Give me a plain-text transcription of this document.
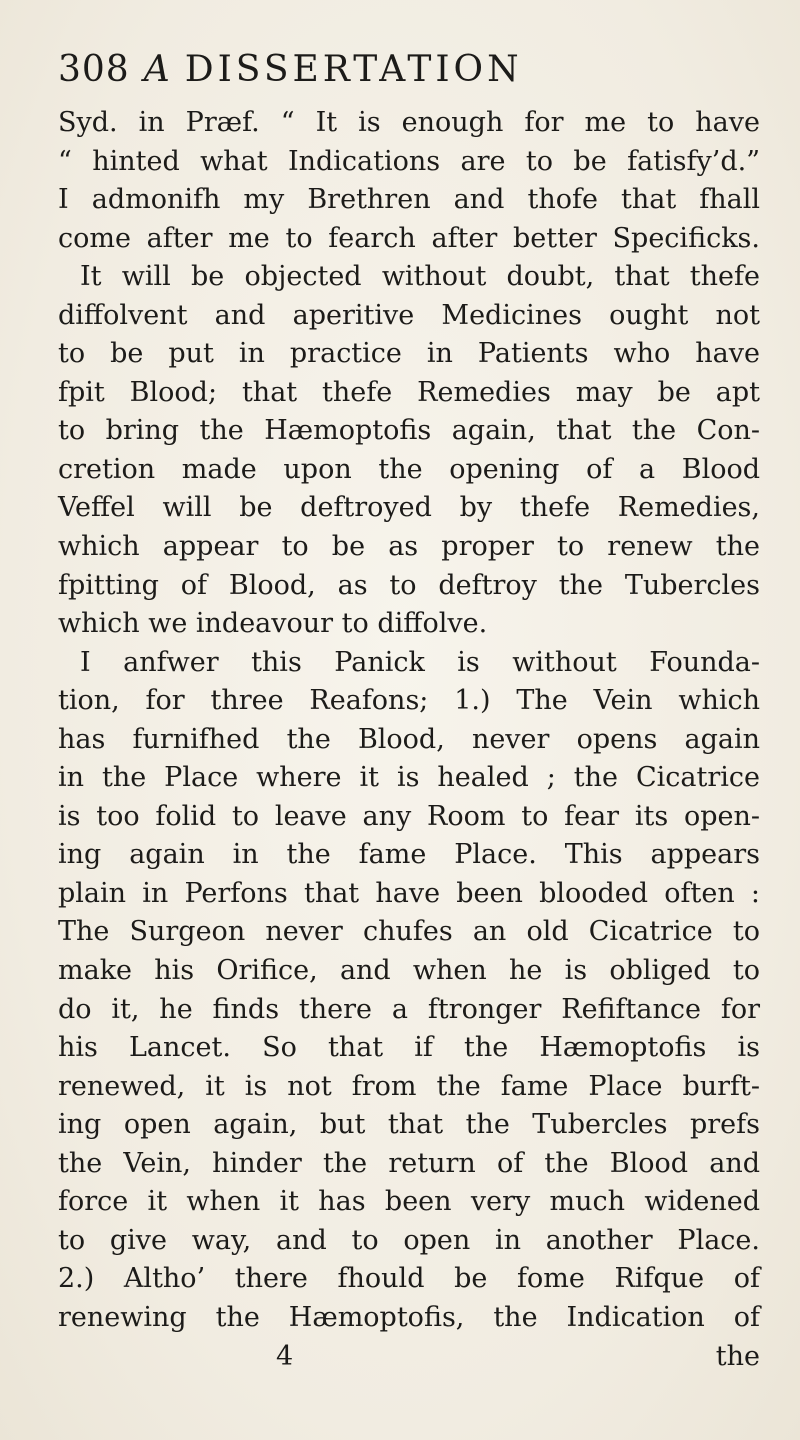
308 A DISSERTATION
Syd. in Præf. “ It is enough for me to have
“ hinted what Indications are to be fatisfy’d.”
I admonifh my Brethren and thofe that fhall
come after me to fearch after better Specificks.
It will be objected without doubt, that thefe
diffolvent and aperitive Medicines ought not
to be put in practice in Patients who have
fpit Blood; that thefe Remedies may be apt
to bring the Hæmoptofis again, that the Con-
cretion made upon the opening of a Blood
Veffel will be deftroyed by thefe Remedies,
which appear to be as proper to renew the
fpitting of Blood, as to deftroy the Tubercles
which we indeavour to diffolve.
I anfwer this Panick is without Founda-
tion, for three Reafons; 1.) The Vein which
has furnifhed the Blood, never opens again
in the Place where it is healed ; the Cicatrice
is too folid to leave any Room to fear its open-
ing again in the fame Place. This appears
plain in Perfons that have been blooded often :
The Surgeon never chufes an old Cicatrice to
make his Orifice, and when he is obliged to
do it, he finds there a ftronger Refiftance for
his Lancet. So that if the Hæmoptofis is
renewed, it is not from the fame Place burft-
ing open again, but that the Tubercles prefs
the Vein, hinder the return of the Blood and
force it when it has been very much widened
to give way, and to open in another Place.
2.) Altho’ there fhould be fome Rifque of
renewing the Hæmoptofis, the Indication of
4	the
